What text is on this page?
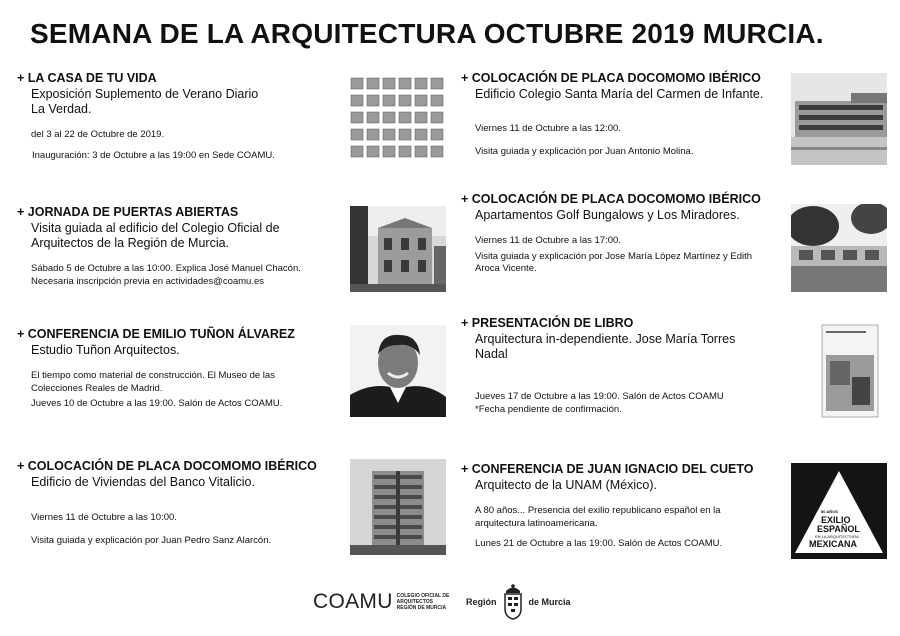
SEMANA DE LA ARQUITECTURA OCTUBRE 2019 MURCIA.
+ LA CASA DE TU VIDA
Exposición Suplemento de Verano Diario
La Verdad.
del 3 al 22 de Octubre de 2019.
Inauguración: 3 de Octubre a las 19:00 en Sede COAMU.
+ JORNADA DE PUERTAS ABIERTAS
Visita guiada al edificio del Colegio Oficial de
Arquitectos de la Región de Murcia.
Sábado 5 de Octubre a las 10:00. Explica José Manuel Chacón.
Necesaria inscripción previa en actividades@coamu.es
+ CONFERENCIA DE EMILIO TUÑON ÁLVAREZ
Estudio Tuñon Arquitectos.
El tiempo como material de construcción. El Museo de las
Colecciones Reales de Madrid.
Jueves 10 de Octubre a las 19:00. Salón de Actos COAMU.
+ COLOCACIÓN DE PLACA DOCOMOMO IBÉRICO
Edificio de Viviendas del Banco Vitalicio.
Viernes 11 de Octubre a las 10:00.
Visita guiada y explicación por Juan Pedro Sanz Alarcón.
+ COLOCACIÓN DE PLACA DOCOMOMO IBÉRICO
Edificio Colegio Santa María del Carmen de Infante.
Viernes 11 de Octubre a las 12:00.
Visita guiada y explicación por Juan Antonio Molina.
+ COLOCACIÓN DE PLACA DOCOMOMO IBÉRICO
Apartamentos Golf Bungalows y Los Miradores.
Viernes 11 de Octubre a las 17:00.
Visita guiada y explicación por Jose María López Martínez y Edith
Aroca Vicente.
+ PRESENTACIÓN DE LIBRO
Arquitectura in-dependiente. Jose María Torres
Nadal
Jueves 17 de Octubre a las 19:00. Salón de Actos COAMU
*Fecha pendiente de confirmación.
+ CONFERENCIA DE JUAN IGNACIO DEL CUETO
Arquitecto de la UNAM (México).
A 80 años... Presencia del exilio republicano español en la
arquitectura latinoamericana.
Lunes 21 de Octubre a las 19:00. Salón de Actos COAMU.
80 AÑOS
EXILIO
ESPAÑOL
EN LA ARQUITECTURA
MEXICANA
COAMU COLEGIO OFICIAL DE
ARQUITECTOS
REGIÓN DE MURCIA
Región	de Murcia
